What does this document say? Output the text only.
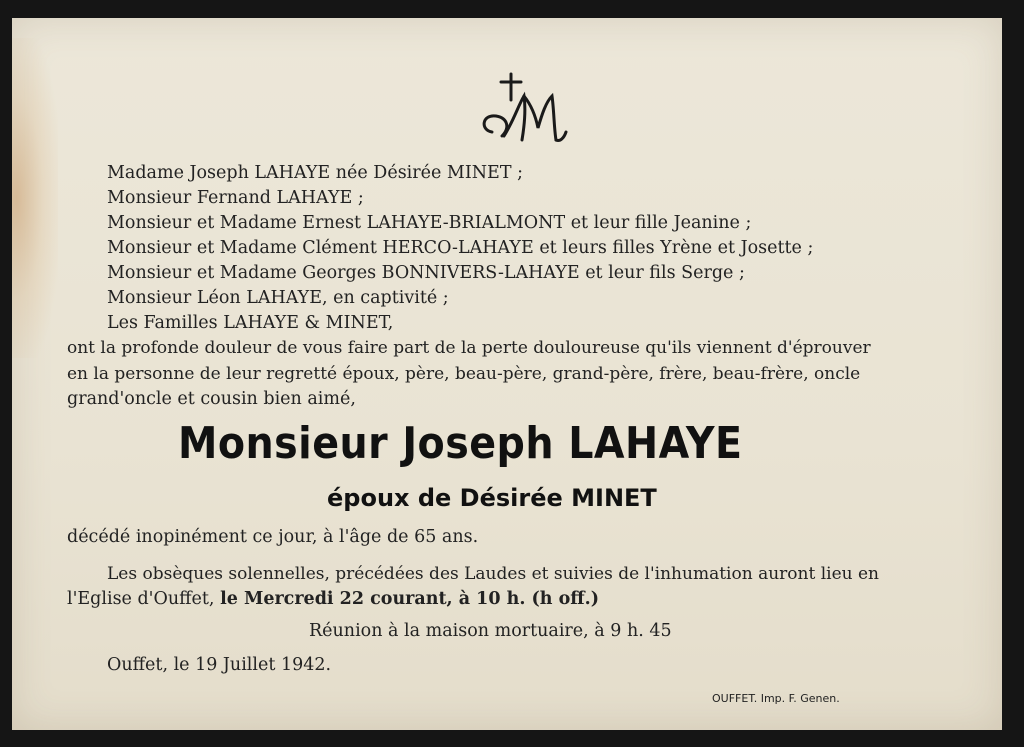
Madame Joseph LAHAYE née Désirée MINET ;
Monsieur Fernand LAHAYE ;
Monsieur et Madame Ernest LAHAYE-BRIALMONT et leur fille Jeanine ;
Monsieur et Madame Clément HERCO-LAHAYE et leurs filles Yrène et Josette ;
Monsieur et Madame Georges BONNIVERS-LAHAYE et leur fils Serge ;
Monsieur Léon LAHAYE, en captivité ;
Les Familles LAHAYE & MINET,
ont la profonde douleur de vous faire part de la perte douloureuse qu'ils viennent d'éprouver
en la personne de leur regretté époux, père, beau-père, grand-père, frère, beau-frère, oncle
grand'oncle et cousin bien aimé,
Monsieur Joseph LAHAYE
époux de Désirée MINET
décédé inopinément ce jour, à l'âge de 65 ans.
Les obsèques solennelles, précédées des Laudes et suivies de l'inhumation auront lieu en
l'Eglise d'Ouffet, le Mercredi 22 courant, à 10 h. (h off.)
Réunion à la maison mortuaire, à 9 h. 45
Ouffet, le 19 Juillet 1942.
OUFFET. Imp. F. Genen.
